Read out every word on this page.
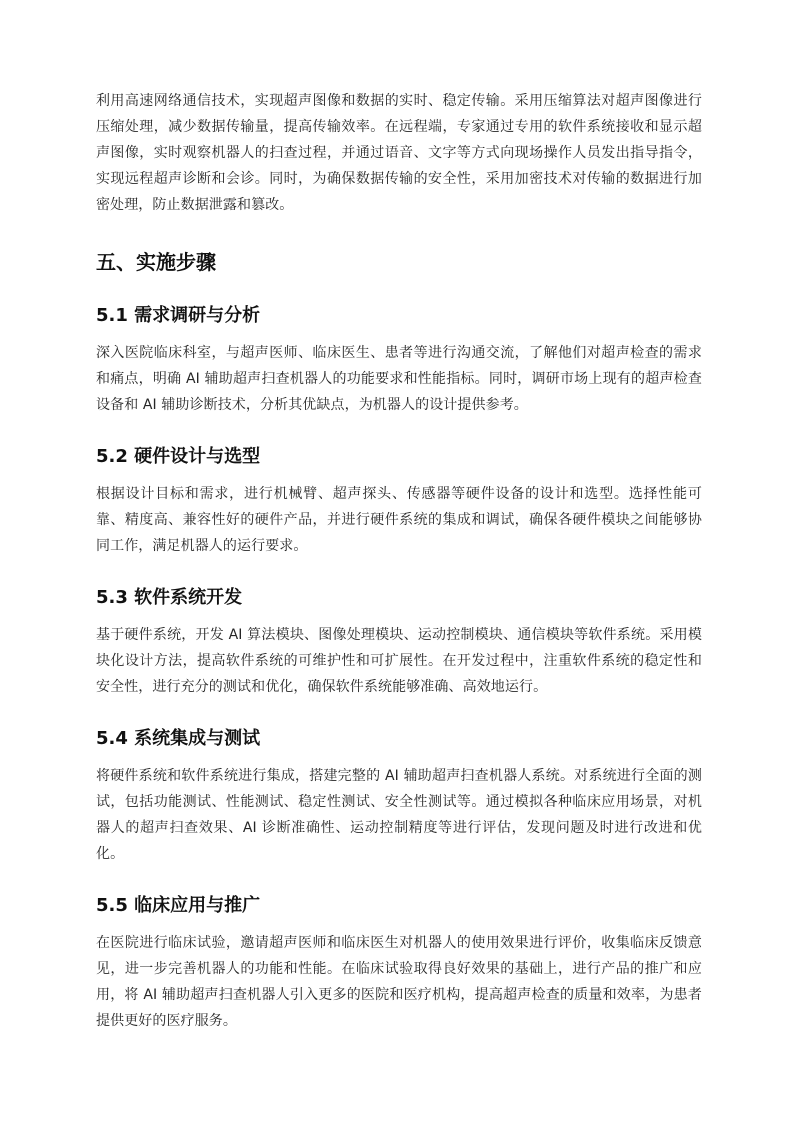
利用高速网络通信技术，实现超声图像和数据的实时、稳定传输。采用压缩算法对超声图像进行压缩处理，减少数据传输量，提高传输效率。在远程端，专家通过专用的软件系统接收和显示超声图像，实时观察机器人的扫查过程，并通过语音、文字等方式向现场操作人员发出指导指令，实现远程超声诊断和会诊。同时，为确保数据传输的安全性，采用加密技术对传输的数据进行加密处理，防止数据泄露和篡改。

五、实施步骤
5.1 需求调研与分析

深入医院临床科室，与超声医师、临床医生、患者等进行沟通交流，了解他们对超声检查的需求和痛点，明确 AI 辅助超声扫查机器人的功能要求和性能指标。同时，调研市场上现有的超声检查设备和 AI 辅助诊断技术，分析其优缺点，为机器人的设计提供参考。

5.2 硬件设计与选型

根据设计目标和需求，进行机械臂、超声探头、传感器等硬件设备的设计和选型。选择性能可靠、精度高、兼容性好的硬件产品，并进行硬件系统的集成和调试，确保各硬件模块之间能够协同工作，满足机器人的运行要求。

5.3 软件系统开发

基于硬件系统，开发 AI 算法模块、图像处理模块、运动控制模块、通信模块等软件系统。采用模块化设计方法，提高软件系统的可维护性和可扩展性。在开发过程中，注重软件系统的稳定性和安全性，进行充分的测试和优化，确保软件系统能够准确、高效地运行。

5.4 系统集成与测试

将硬件系统和软件系统进行集成，搭建完整的 AI 辅助超声扫查机器人系统。对系统进行全面的测试，包括功能测试、性能测试、稳定性测试、安全性测试等。通过模拟各种临床应用场景，对机器人的超声扫查效果、AI 诊断准确性、运动控制精度等进行评估，发现问题及时进行改进和优化。

5.5 临床应用与推广

在医院进行临床试验，邀请超声医师和临床医生对机器人的使用效果进行评价，收集临床反馈意见，进一步完善机器人的功能和性能。在临床试验取得良好效果的基础上，进行产品的推广和应用，将 AI 辅助超声扫查机器人引入更多的医院和医疗机构，提高超声检查的质量和效率，为患者提供更好的医疗服务。
